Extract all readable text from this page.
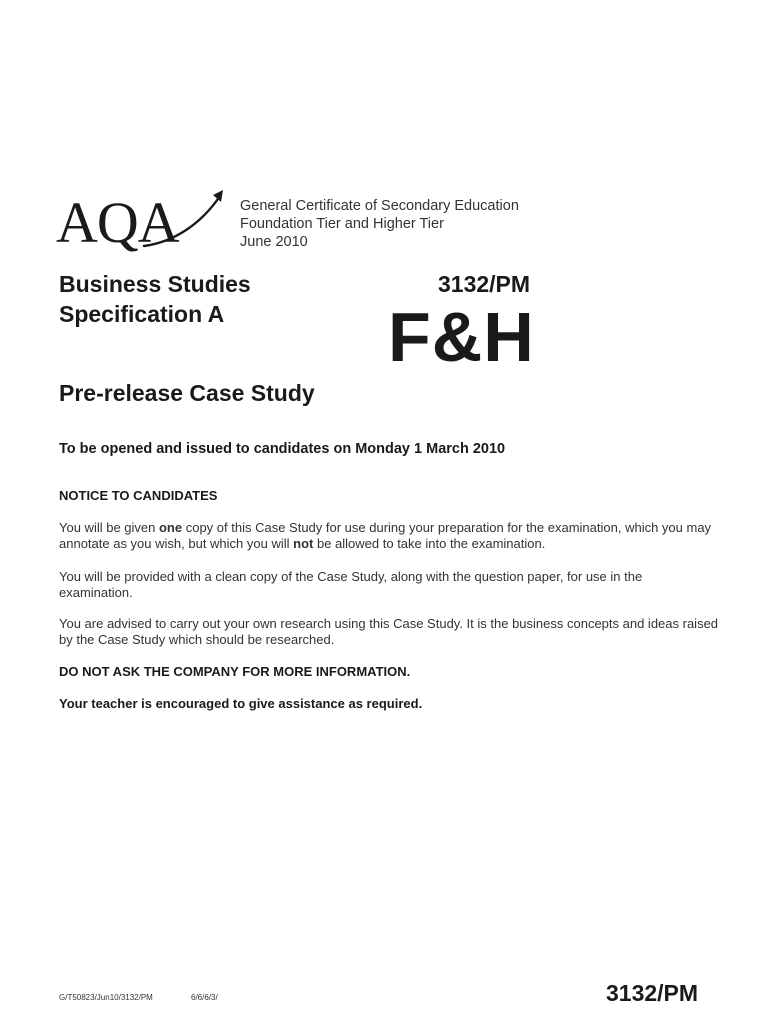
AQA	General Certificate of Secondary Education
Foundation Tier and Higher Tier
June 2010
Business Studies
Specification A
3132/PM
F&H
Pre-release Case Study
To be opened and issued to candidates on Monday 1 March 2010
NOTICE TO CANDIDATES
You will be given one copy of this Case Study for use during your preparation for the examination, which you may annotate as you wish, but which you will not be allowed to take into the examination.
You will be provided with a clean copy of the Case Study, along with the question paper, for use in the examination.
You are advised to carry out your own research using this Case Study. It is the business concepts and ideas raised by the Case Study which should be researched.
DO NOT ASK THE COMPANY FOR MORE INFORMATION.
Your teacher is encouraged to give assistance as required.
G/T50823/Jun10/3132/PM	6/6/6/3/	3132/PM
